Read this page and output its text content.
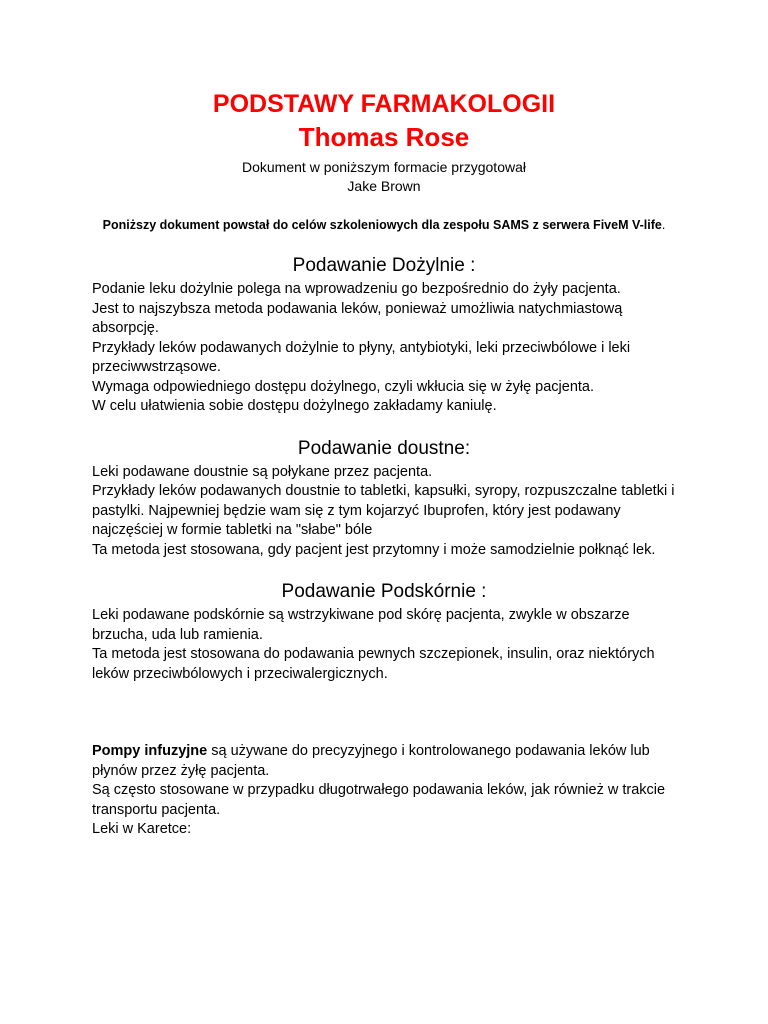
PODSTAWY FARMAKOLOGII
Thomas Rose
Dokument w poniższym formacie przygotował
Jake Brown
Poniższy dokument powstał do celów szkoleniowych dla zespołu SAMS z serwera FiveM V-life.
Podawanie Dożylnie :

Podanie leku dożylnie polega na wprowadzeniu go bezpośrednio do żyły pacjenta.

Jest to najszybsza metoda podawania leków, ponieważ umożliwia natychmiastową absorpcję.

Przykłady leków podawanych dożylnie to płyny, antybiotyki, leki przeciwbólowe i leki przeciwwstrząsowe.

Wymaga odpowiedniego dostępu dożylnego, czyli wkłucia się w żyłę pacjenta.

W celu ułatwienia sobie dostępu dożylnego zakładamy kaniulę.

Podawanie doustne:

Leki podawane doustnie są połykane przez pacjenta.

Przykłady leków podawanych doustnie to tabletki, kapsułki, syropy, rozpuszczalne tabletki i pastylki. Najpewniej będzie wam się z tym kojarzyć Ibuprofen, który jest podawany najczęściej w formie tabletki na "słabe" bóle

Ta metoda jest stosowana, gdy pacjent jest przytomny i może samodzielnie połknąć lek.

Podawanie Podskórnie :

Leki podawane podskórnie są wstrzykiwane pod skórę pacjenta, zwykle w obszarze brzucha, uda lub ramienia.

Ta metoda jest stosowana do podawania pewnych szczepionek, insulin, oraz niektórych leków przeciwbólowych i przeciwalergicznych.

Pompy infuzyjne są używane do precyzyjnego i kontrolowanego podawania leków lub płynów przez żyłę pacjenta.

Są często stosowane w przypadku długotrwałego podawania leków, jak również w trakcie transportu pacjenta.

Leki w Karetce:
